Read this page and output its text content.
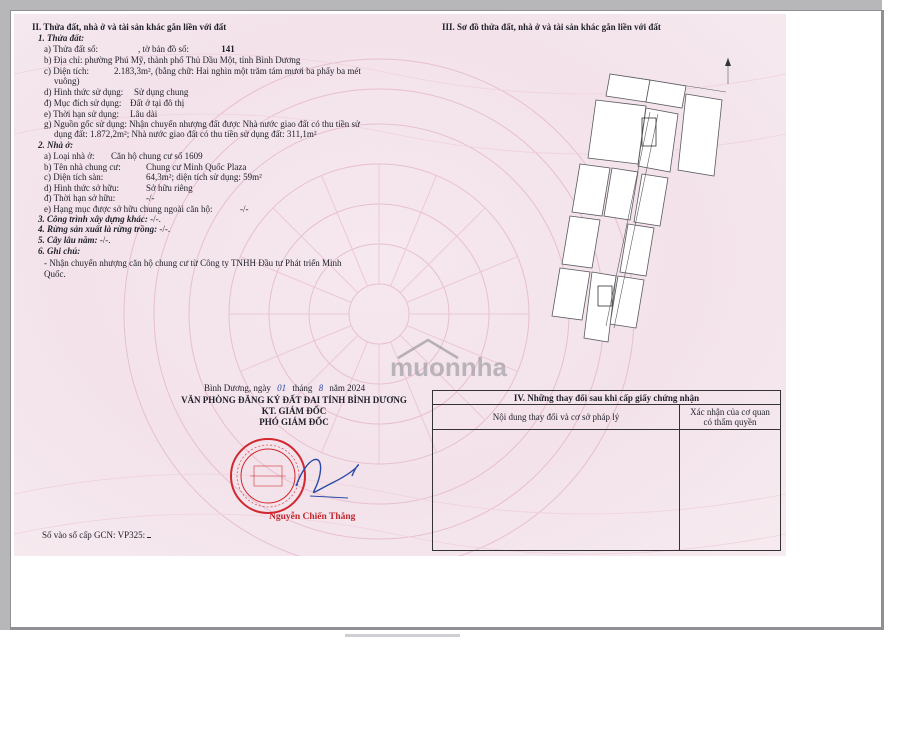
II. Thửa đất, nhà ở và tài sản khác gắn liền với đất
1. Thửa đất:
a) Thửa đất số:	, tờ bản đồ số:	141
b) Địa chỉ: phường Phú Mỹ, thành phố Thủ Dầu Một, tỉnh Bình Dương
c) Diện tích:	2.183,3m², (bằng chữ: Hai nghìn một trăm tám mươi ba phẩy ba mét
vuông)
d) Hình thức sử dụng: Sử dụng chung
đ) Mục đích sử dụng: Đất ở tại đô thị
e) Thời hạn sử dụng: Lâu dài
g) Nguồn gốc sử dụng: Nhận chuyển nhượng đất được Nhà nước giao đất có thu tiền sử
dụng đất: 1.872,2m²; Nhà nước giao đất có thu tiền sử dụng đất: 311,1m²
2. Nhà ở:
a) Loại nhà ở: Căn hộ chung cư số 1609
b) Tên nhà chung cư:	Chung cư Minh Quốc Plaza
c) Diện tích sàn:	64,3m²; diện tích sử dụng: 59m²
d) Hình thức sở hữu:	Sở hữu riêng
đ) Thời hạn sở hữu:	-/-
e) Hạng mục được sở hữu chung ngoài căn hộ:	-/-
3. Công trình xây dựng khác: -/-.
4. Rừng sản xuất là rừng trồng: -/-.
5. Cây lâu năm: -/-.
6. Ghi chú:
- Nhận chuyển nhượng căn hộ chung cư từ Công ty TNHH Đầu tư Phát triển Minh
Quốc.
Bình Dương, ngày 01 tháng 8 năm 2024
VĂN PHÒNG ĐĂNG KÝ ĐẤT ĐAI TỈNH BÌNH DƯƠNG
KT. GIÁM ĐỐC
PHÓ GIÁM ĐỐC
Nguyễn Chiến Thắng
Số vào sổ cấp GCN: VP325:
III. Sơ đồ thửa đất, nhà ở và tài sản khác gắn liền với đất
IV. Những thay đổi sau khi cấp giấy chứng nhận
Nội dung thay đổi và cơ sở pháp lý	Xác nhận của cơ quan
có thẩm quyền
muonnha
